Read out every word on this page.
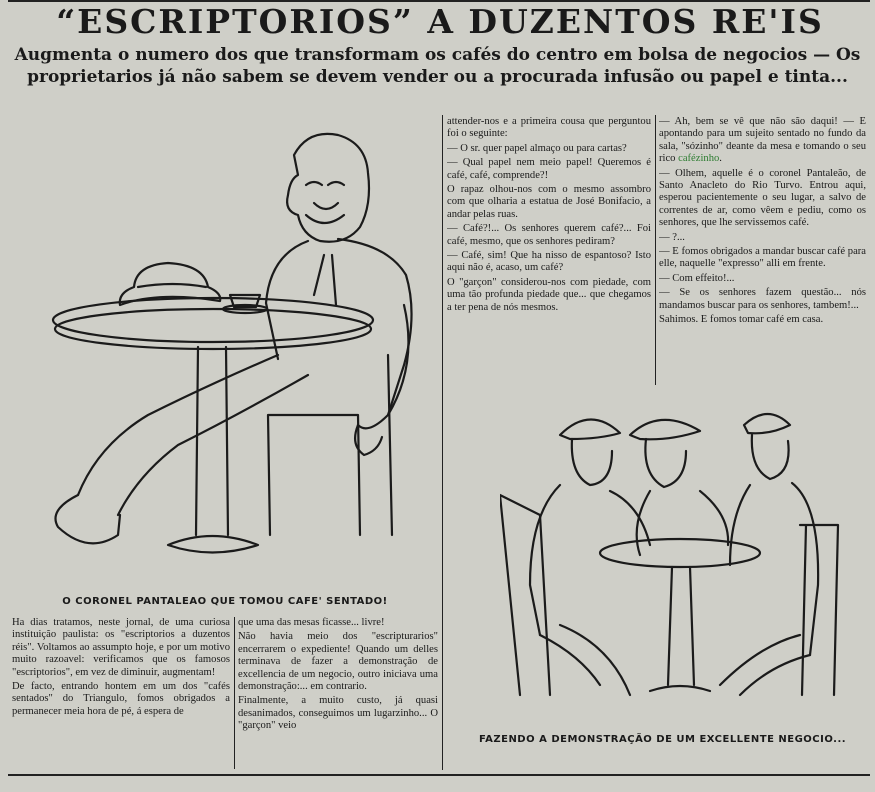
“ESCRIPTORIOS” A DUZENTOS RE'IS
Augmenta o numero dos que transformam os cafés do centro em bolsa de negocios — Os proprietarios já não sabem se devem vender ou a procurada infusão ou papel e tinta...
O CORONEL PANTALEAO QUE TOMOU CAFE' SENTADO!

Ha dias tratamos, neste jornal, de uma curiosa instituição paulista: os "escriptorios a duzentos réis". Voltamos ao assumpto hoje, e por um motivo muito razoavel: verificamos que os famosos "escriptorios", em vez de diminuir, augmentam!

De facto, entrando hontem em um dos "cafés sentados" do Triangulo, fomos obrigados a permanecer meia hora de pé, á espera de

que uma das mesas ficasse... livre!

Não havia meio dos "escripturarios" encerrarem o expediente! Quando um delles terminava de fazer a demonstração de excellencia de um negocio, outro iniciava uma demonstração:... em contrario.

Finalmente, a muito custo, já quasi desanimados, conseguimos um lugarzinho... O "garçon" veio

attender-nos e a primeira cousa que perguntou foi o seguinte:

— O sr. quer papel almaço ou para cartas?

— Qual papel nem meio papel! Queremos é café, café, comprende?!

O rapaz olhou-nos com o mesmo assombro com que olharia a estatua de José Bonifacio, a andar pelas ruas.

— Café?!... Os senhores querem café?... Foi café, mesmo, que os senhores pediram?

— Café, sim! Que ha nisso de espantoso? Isto aqui não é, acaso, um café?

O "garçon" considerou-nos com piedade, com uma tão profunda piedade que... que chegamos a ter pena de nós mesmos.

— Ah, bem se vê que não são daqui! — E apontando para um sujeito sentado no fundo da sala, "sózinho" deante da mesa e tomando o seu rico cafézinho.

— Olhem, aquelle é o coronel Pantaleão, de Santo Anacleto do Rio Turvo. Entrou aqui, esperou pacientemente o seu lugar, a salvo de correntes de ar, como vêem e pediu, como os senhores, que lhe servissemos café.

— ?...

— E fomos obrigados a mandar buscar café para elle, naquelle "expresso" alli em frente.

— Com effeito!...

— Se os senhores fazem questão... nós mandamos buscar para os senhores, tambem!...

Sahimos. E fomos tomar café em casa.

FAZENDO A DEMONSTRAÇÃO DE UM EXCELLENTE NEGOCIO...
